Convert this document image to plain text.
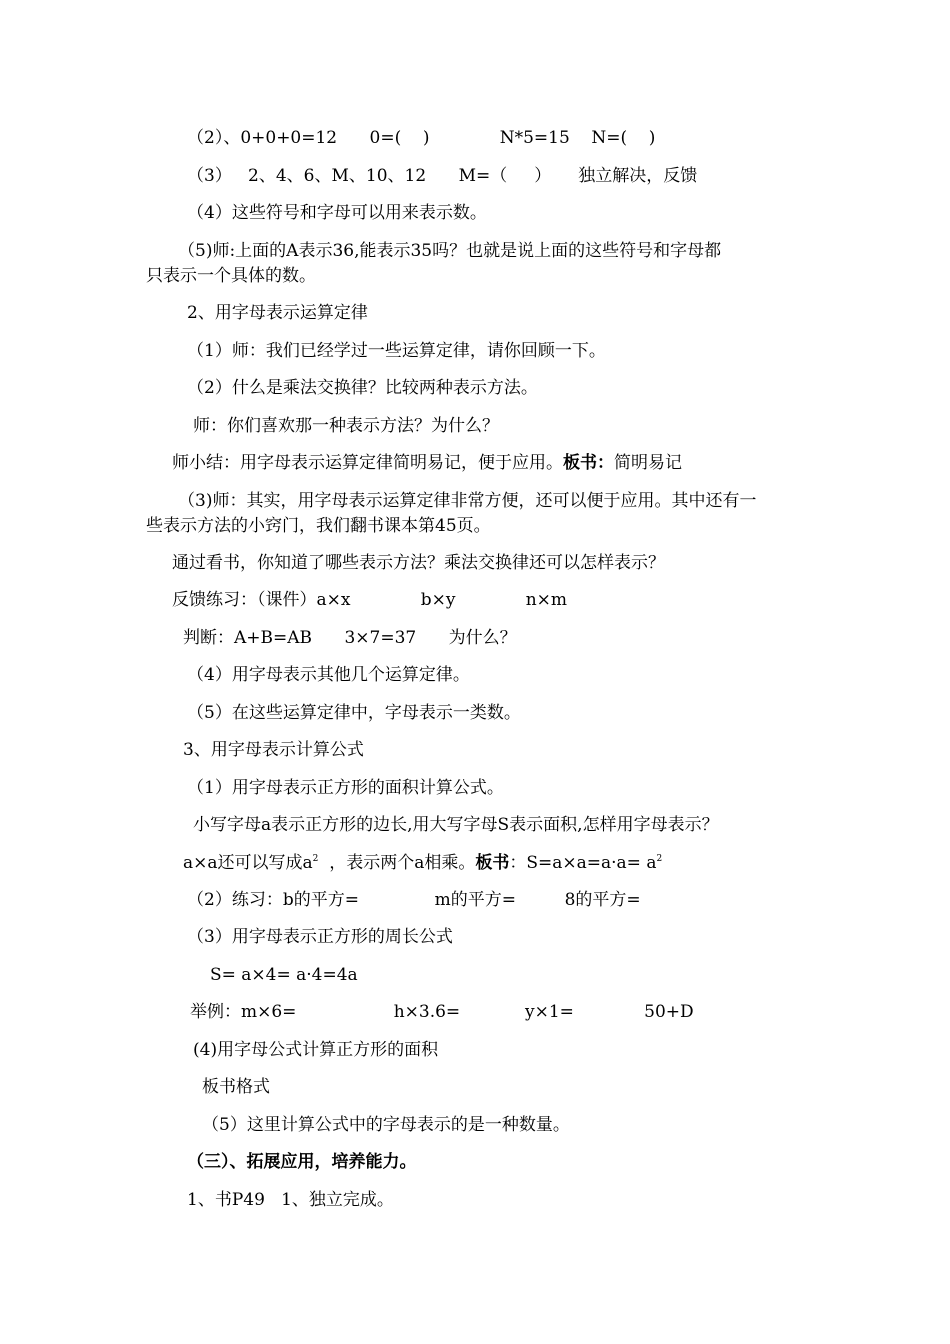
（2）、0+0+0=12      0=(    )             N*5=15    N=(    )
（3）   2、4、6、M、10、12      M=（     ）     独立解决，反馈
（4）这些符号和字母可以用来表示数。
（5)师:上面的A表示36,能表示35吗？也就是说上面的这些符号和字母都
只表示一个具体的数。
2、用字母表示运算定律
（1）师：我们已经学过一些运算定律，请你回顾一下。
（2）什么是乘法交换律？比较两种表示方法。
师：你们喜欢那一种表示方法？为什么？
师小结：用字母表示运算定律简明易记，便于应用。板书：简明易记
（3)师：其实，用字母表示运算定律非常方便，还可以便于应用。其中还有一
些表示方法的小窍门，我们翻书课本第45页。
通过看书，你知道了哪些表示方法？乘法交换律还可以怎样表示？
反馈练习：（课件）a×x             b×y             n×m
判断：A+B=AB      3×7=37      为什么？
（4）用字母表示其他几个运算定律。
（5）在这些运算定律中，字母表示一类数。
3、用字母表示计算公式
（1）用字母表示正方形的面积计算公式。
小写字母a表示正方形的边长,用大写字母S表示面积,怎样用字母表示？
a×a还可以写成$a^2$  ，表示两个a相乘。板书：$S=a\times a=a\cdot a= a^2$
（2）练习：b的平方=              m的平方=         8的平方=
（3）用字母表示正方形的周长公式
S= a×4= a·4=4a
举例：m×6=                  h×3.6=            y×1=             50+D
(4)用字母公式计算正方形的面积
板书格式
（5）这里计算公式中的字母表示的是一种数量。
（三）、拓展应用，培养能力。
1、书P49   1、独立完成。
